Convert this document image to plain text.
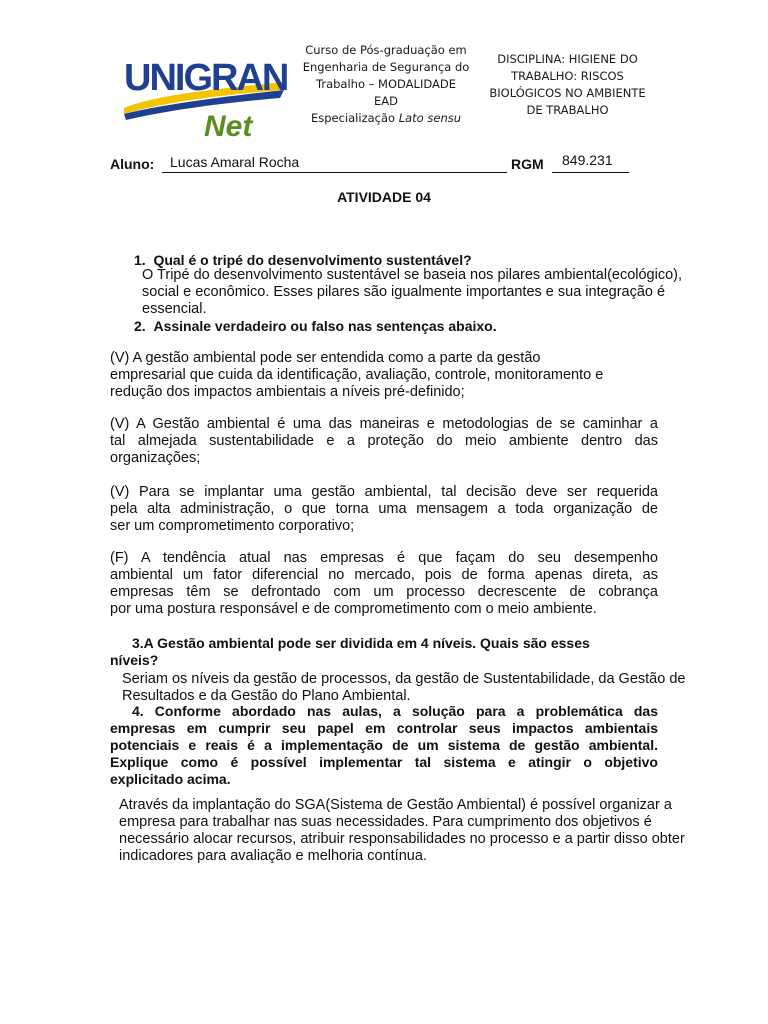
UNIGRAN
Net
Curso de Pós-graduação em
Engenharia de Segurança do
Trabalho – MODALIDADE
EAD
Especialização Lato sensu
DISCIPLINA: HIGIENE DO
TRABALHO: RISCOS
BIOLÓGICOS NO AMBIENTE
DE TRABALHO
Aluno: Lucas Amaral Rocha	RGM 849.231
ATIVIDADE 04
1.  Qual é o tripé do desenvolvimento sustentável?
O Tripé do desenvolvimento sustentável se baseia nos pilares ambiental(ecológico),
social e econômico. Esses pilares são igualmente importantes e sua integração é
essencial.
2.  Assinale verdadeiro ou falso nas sentenças abaixo.
(V) A gestão ambiental pode ser entendida como a parte da gestão
empresarial que cuida da identificação, avaliação, controle, monitoramento e
redução dos impactos ambientais a níveis pré-definido;
(V) A Gestão ambiental é uma das maneiras e metodologias de se caminhar a
tal almejada sustentabilidade e a proteção do meio ambiente dentro das
organizações;
(V) Para se implantar uma gestão ambiental, tal decisão deve ser requerida
pela alta administração, o que torna uma mensagem a toda organização de
ser um comprometimento corporativo;
(F) A tendência atual nas empresas é que façam do seu desempenho
ambiental um fator diferencial no mercado, pois de forma apenas direta, as
empresas têm se defrontado com um processo decrescente de cobrança
por uma postura responsável e de comprometimento com o meio ambiente.
3.A Gestão ambiental pode ser dividida em 4 níveis. Quais são esses
níveis?
Seriam os níveis da gestão de processos, da gestão de Sustentabilidade, da Gestão de
Resultados e da Gestão do Plano Ambiental.
4. Conforme abordado nas aulas, a solução para a problemática das
empresas em cumprir seu papel em controlar seus impactos ambientais
potenciais e reais é a implementação de um sistema de gestão ambiental.
Explique como é possível implementar tal sistema e atingir o objetivo
explicitado acima.
Através da implantação do SGA(Sistema de Gestão Ambiental) é possível organizar a
empresa para trabalhar nas suas necessidades. Para cumprimento dos objetivos é
necessário alocar recursos, atribuir responsabilidades no processo e a partir disso obter
indicadores para avaliação e melhoria contínua.
